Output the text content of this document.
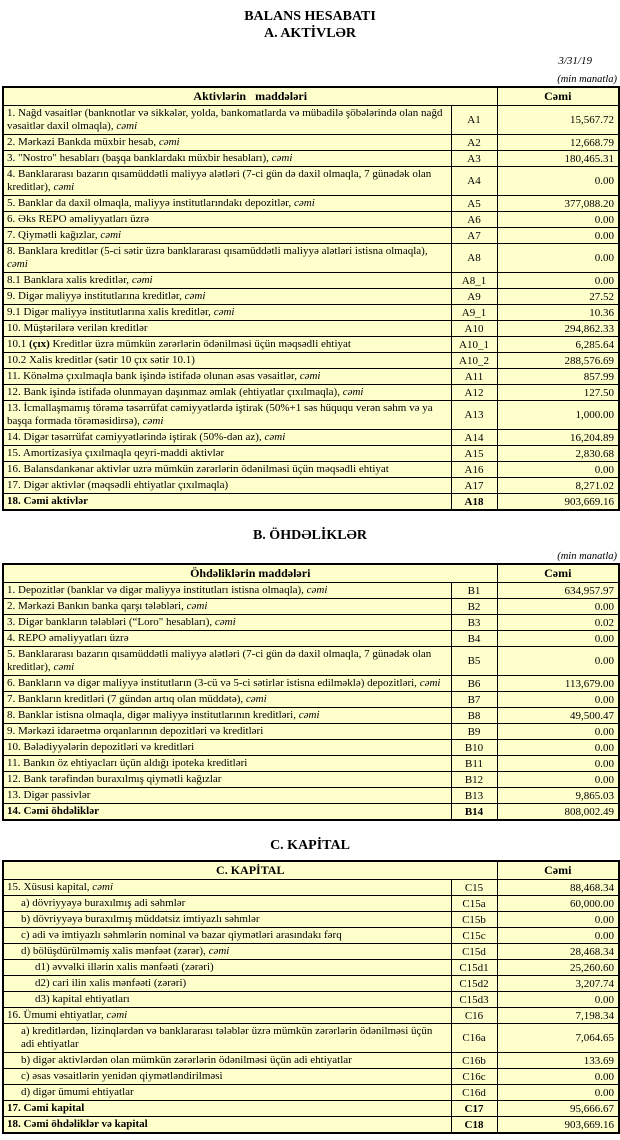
BALANS HESABATI
A. AKTİVLƏR
3/31/19
(min manatla)
Aktivlərin   maddələri		Cəmi
1. Nağd vəsaitlər (banknotlar və sikkələr, yolda, bankomatlarda və mübadilə şöbələrində olan nağd vəsaitlər daxil olmaqla), cəmi	A1	15,567.72
2. Mərkəzi Bankda müxbir hesab, cəmi	A2	12,668.79
3. "Nostro" hesabları (başqa banklardakı müxbir hesabları), cəmi	A3	180,465.31
4. Banklararası bazarın qısamüddətli maliyyə alətləri (7-ci gün də daxil olmaqla, 7 günədək olan kreditlər), cəmi	A4	0.00
5. Banklar da daxil olmaqla, maliyyə institutlarındakı depozitlər, cəmi	A5	377,088.20
6. Əks REPO əməliyyatları üzrə	A6	0.00
7. Qiymətli kağızlar, cəmi	A7	0.00
8. Banklara kreditlər (5-ci sətir üzrə banklararası qısamüddətli maliyyə alətləri istisna olmaqla), cəmi	A8	0.00
8.1 Banklara xalis kreditlər, cəmi	A8_1	0.00
9. Digər maliyyə institutlarına kreditlər, cəmi	A9	27.52
9.1 Digər maliyyə institutlarına xalis kreditlər, cəmi	A9_1	10.36
10. Müştərilərə verilən kreditlər	A10	294,862.33
10.1 (çıx) Kreditlər üzrə mümkün zərərlərin ödənilməsi üçün məqsədli ehtiyat	A10_1	6,285.64
10.2 Xalis kreditlər (sətir 10 çıx sətir 10.1)	A10_2	288,576.69
11. Könəlmə çıxılmaqla bank işində istifadə olunan əsas vəsaitlər, cəmi	A11	857.99
12. Bank işində istifadə olunmayan daşınmaz əmlak (ehtiyatlar çıxılmaqla), cəmi	A12	127.50
13. İcmallaşmamış törəmə təsərrüfat cəmiyyətlərdə iştirak (50%+1 səs hüququ verən səhm və ya başqa formada törəməsidirsə), cəmi	A13	1,000.00
14. Digər təsərrüfat cəmiyyətlərində iştirak (50%-dən az), cəmi	A14	16,204.89
15. Amortizasiya çıxılmaqla qeyri-maddi aktivlər	A15	2,830.68
16. Balansdankənar aktivlər uzrə mümkün zərərlərin ödənilməsi üçün məqsədli ehtiyat	A16	0.00
17. Digər aktivlər (məqsədli ehtiyatlar çıxılmaqla)	A17	8,271.02
18. Cəmi aktivlər	A18	903,669.16
B. ÖHDƏLİKLƏR
(min manatla)
Öhdəliklərin maddələri		Cəmi
1. Depozitlər (banklar və digər maliyyə institutları istisna olmaqla), cəmi	B1	634,957.97
2. Mərkəzi Bankın banka qarşı tələbləri, cəmi	B2	0.00
3. Digər bankların tələbləri (“Loro" hesabları), cəmi	B3	0.02
4. REPO əməliyyatları üzrə	B4	0.00
5. Banklararası bazarın qısamüddətli maliyyə alətləri (7-ci gün də daxil olmaqla, 7 günədək olan kreditlər), cəmi	B5	0.00
6. Bankların və digər maliyyə institutların (3-cü və 5-ci sətirlər istisna edilməklə) depozitləri, cəmi	B6	113,679.00
7. Bankların kreditləri (7 gündən artıq olan müddətə), cəmi	B7	0.00
8. Banklar istisna olmaqla, digər maliyyə institutlarının kreditləri, cəmi	B8	49,500.47
9. Mərkəzi idarəetmə orqanlarının depozitləri və kreditləri	B9	0.00
10. Bələdiyyələrin depozitləri və kreditləri	B10	0.00
11. Bankın öz ehtiyacları üçün aldığı ipoteka kreditləri	B11	0.00
12. Bank tərəfindən buraxılmış qiymətli kağızlar	B12	0.00
13. Digər passivlər	B13	9,865.03
14. Cəmi öhdəliklər	B14	808,002.49
C. KAPİTAL
C. KAPİTAL		Cəmi
15. Xüsusi kapital, cəmi	C15	88,468.34
a) dövriyyəyə buraxılmış adi səhmlər	C15a	60,000.00
b) dövriyyəyə buraxılmış müddətsiz imtiyazlı səhmlər	C15b	0.00
c) adi və imtiyazlı səhmlərin nominal və bazar qiymətləri arasındakı fərq	C15c	0.00
d) bölüşdürülməmiş xalis mənfəət (zərər), cəmi	C15d	28,468.34
d1) əvvəlki illərin xalis mənfəəti (zərəri)	C15d1	25,260.60
d2) cari ilin xalis mənfəəti (zərəri)	C15d2	3,207.74
d3) kapital ehtiyatları	C15d3	0.00
16. Ümumi ehtiyatlar, cəmi	C16	7,198.34
a) kreditlərdən, lizinqlərdən və banklararası tələblər üzrə mümkün zərərlərin ödənilməsi üçün adi ehtiyatlar	C16a	7,064.65
b) digər aktivlərdən olan mümkün zərərlərin ödənilməsi üçün adi ehtiyatlar	C16b	133.69
c) əsas vəsaitlərin yenidən qiymətləndirilməsi	C16c	0.00
d) digər ümumi ehtiyatlar	C16d	0.00
17. Cəmi kapital	C17	95,666.67
18. Cəmi öhdəliklər və kapital	C18	903,669.16
